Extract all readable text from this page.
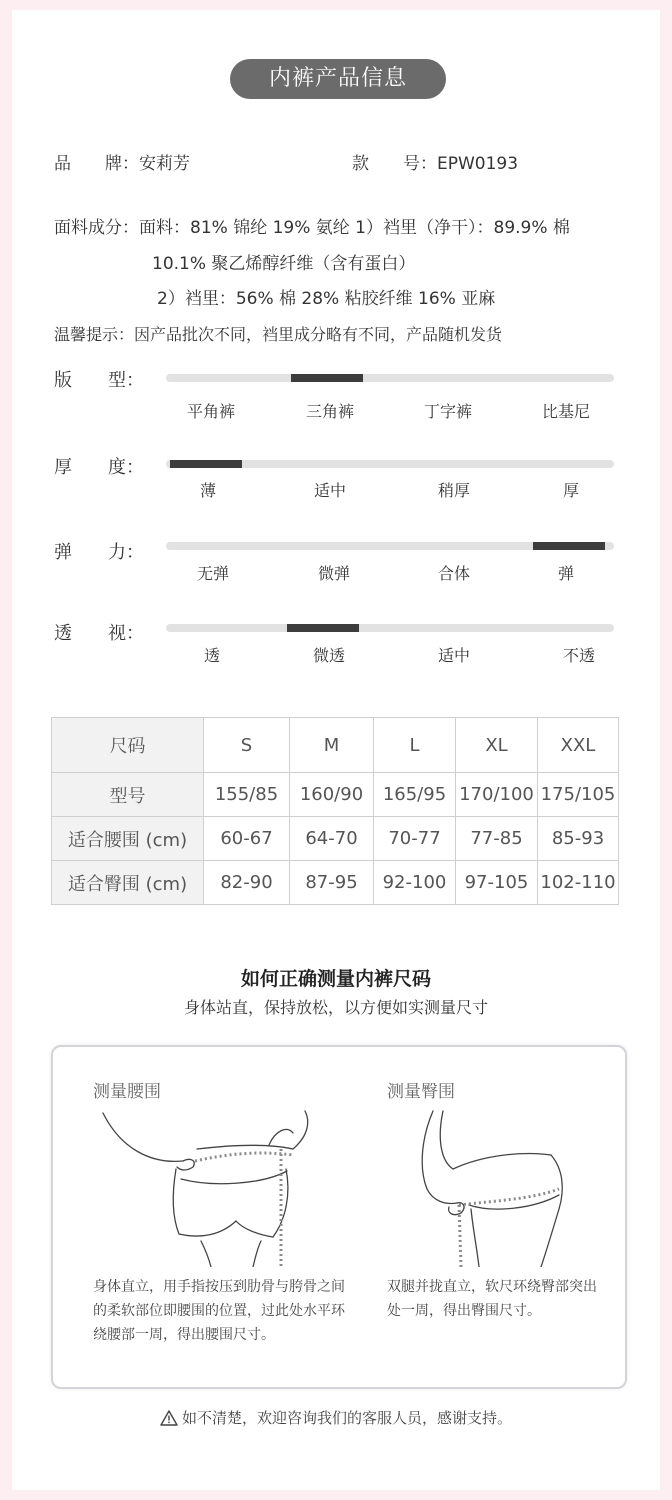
内裤产品信息
品　　牌：安莉芳	款　　号：EPW0193
面料成分：面料：81% 锦纶 19% 氨纶 1）裆里（净干）：89.9% 棉
10.1% 聚乙烯醇纤维（含有蛋白）
2）裆里：56% 棉 28% 粘胶纤维 16% 亚麻
温馨提示：因产品批次不同，裆里成分略有不同，产品随机发货
版　　型：
平角裤	三角裤	丁字裤	比基尼
厚　　度：
薄	适中	稍厚	厚
弹　　力：
无弹	微弹	合体	弹
透　　视：
透	微透	适中	不透
尺码	S	M	L	XL	XXL
型号	155/85	160/90	165/95	170/100	175/105
适合腰围 (cm)	60-67	64-70	70-77	77-85	85-93
适合臀围 (cm)	82-90	87-95	92-100	97-105	102-110
如何正确测量内裤尺码
身体站直，保持放松，以方便如实测量尺寸
测量腰围	测量臀围
身体直立，用手指按压到肋骨与胯骨之间的柔软部位即腰围的位置，过此处水平环绕腰部一周，得出腰围尺寸。
双腿并拢直立，软尺环绕臀部突出处一周，得出臀围尺寸。
如不清楚，欢迎咨询我们的客服人员，感谢支持。
